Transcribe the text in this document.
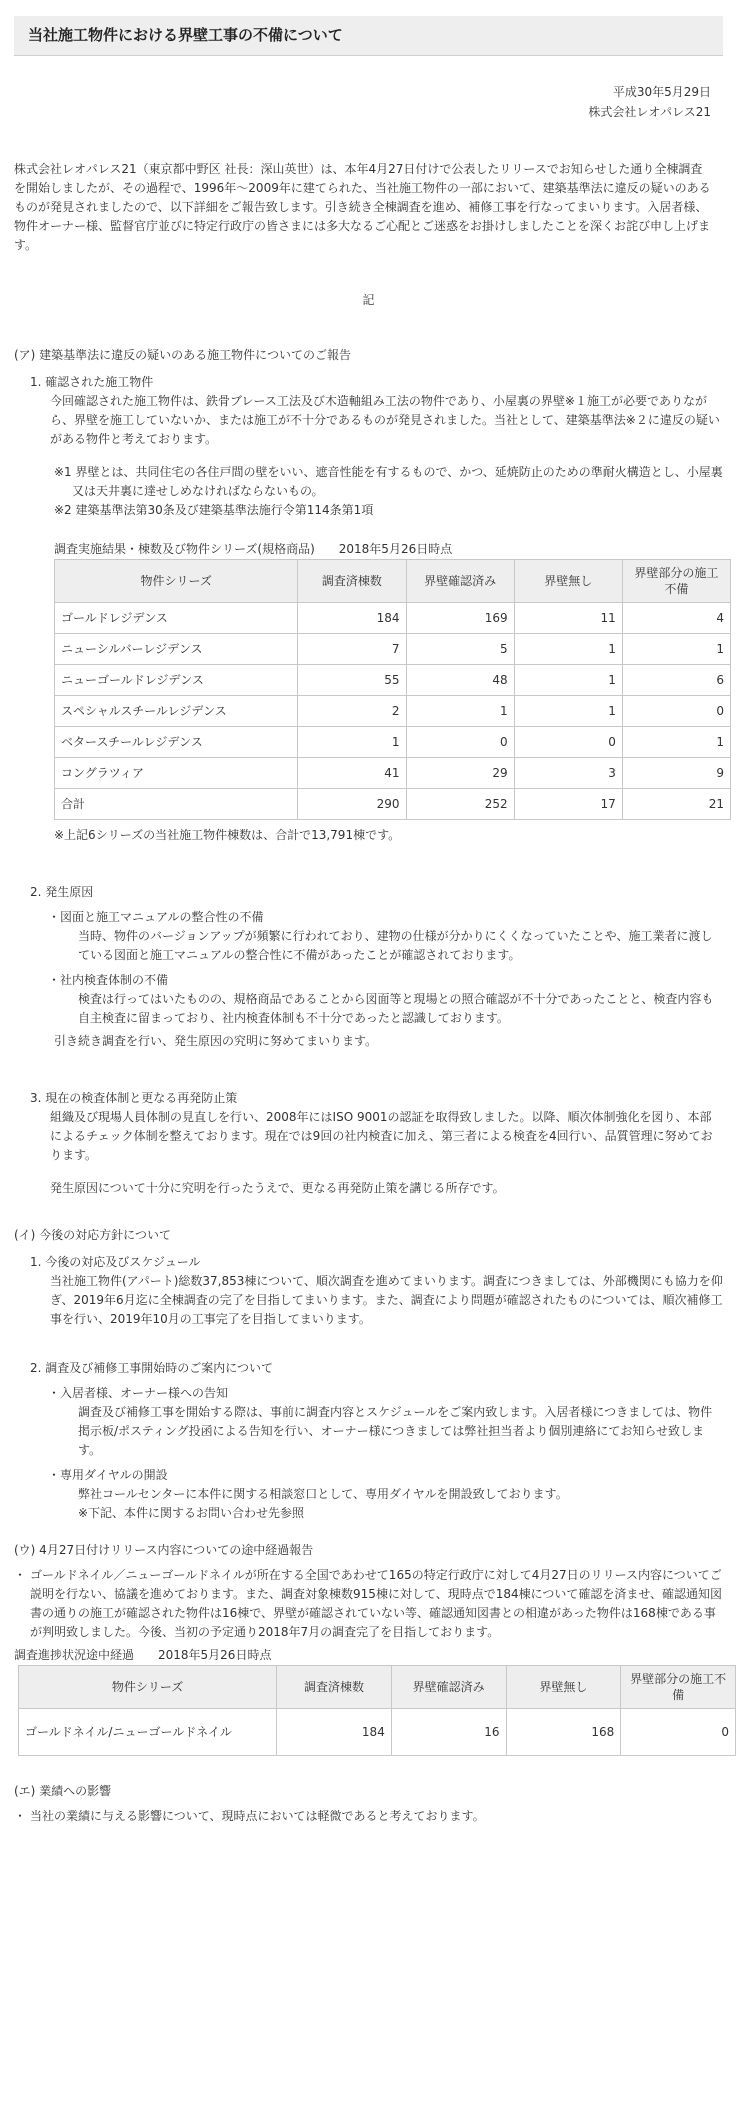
当社施工物件における界壁工事の不備について
平成30年5月29日
株式会社レオパレス21
株式会社レオパレス21（東京都中野区 社長：深山英世）は、本年4月27日付けで公表したリリースでお知らせした通り全棟調査を開始しましたが、その過程で、1996年～2009年に建てられた、当社施工物件の一部において、建築基準法に違反の疑いのあるものが発見されましたので、以下詳細をご報告致します。引き続き全棟調査を進め、補修工事を行なってまいります。入居者様、物件オーナー様、監督官庁並びに特定行政庁の皆さまには多大なるご心配とご迷惑をお掛けしましたことを深くお詫び申し上げます。
記
(ア) 建築基準法に違反の疑いのある施工物件についてのご報告
1. 確認された施工物件
今回確認された施工物件は、鉄骨ブレース工法及び木造軸組み工法の物件であり、小屋裏の界壁※１施工が必要でありながら、界壁を施工していないか、または施工が不十分であるものが発見されました。当社として、建築基準法※２に違反の疑いがある物件と考えております。
※1 界壁とは、共同住宅の各住戸間の壁をいい、遮音性能を有するもので、かつ、延焼防止のための準耐火構造とし、小屋裏又は天井裏に達せしめなければならないもの。
※2 建築基準法第30条及び建築基準法施行令第114条第1項
調査実施結果・棟数及び物件シリーズ(規格商品)　　2018年5月26日時点
物件シリーズ	調査済棟数	界壁確認済み	界壁無し	界壁部分の施工不備
ゴールドレジデンス	184	169	11	4
ニューシルバーレジデンス	7	5	1	1
ニューゴールドレジデンス	55	48	1	6
スペシャルスチールレジデンス	2	1	1	0
ベタースチールレジデンス	1	0	0	1
コングラツィア	41	29	3	9
合計	290	252	17	21
※上記6シリーズの当社施工物件棟数は、合計で13,791棟です。
2. 発生原因
・ 図面と施工マニュアルの整合性の不備
当時、物件のバージョンアップが頻繁に行われており、建物の仕様が分かりにくくなっていたことや、施工業者に渡している図面と施工マニュアルの整合性に不備があったことが確認されております。
・ 社内検査体制の不備
検査は行ってはいたものの、規格商品であることから図面等と現場との照合確認が不十分であったことと、検査内容も自主検査に留まっており、社内検査体制も不十分であったと認識しております。
引き続き調査を行い、発生原因の究明に努めてまいります。
3. 現在の検査体制と更なる再発防止策
組織及び現場人員体制の見直しを行い、2008年にはISO 9001の認証を取得致しました。以降、順次体制強化を図り、本部によるチェック体制を整えております。現在では9回の社内検査に加え、第三者による検査を4回行い、品質管理に努めております。
発生原因について十分に究明を行ったうえで、更なる再発防止策を講じる所存です。
(イ) 今後の対応方針について
1. 今後の対応及びスケジュール
当社施工物件(アパート)総数37,853棟について、順次調査を進めてまいります。調査につきましては、外部機関にも協力を仰ぎ、2019年6月迄に全棟調査の完了を目指してまいります。また、調査により問題が確認されたものについては、順次補修工事を行い、2019年10月の工事完了を目指してまいります。
2. 調査及び補修工事開始時のご案内について
・ 入居者様、オーナー様への告知
調査及び補修工事を開始する際は、事前に調査内容とスケジュールをご案内致します。入居者様につきましては、物件掲示板/ポスティング投函による告知を行い、オーナー様につきましては弊社担当者より個別連絡にてお知らせ致します。
・ 専用ダイヤルの開設
弊社コールセンターに本件に関する相談窓口として、専用ダイヤルを開設致しております。
※下記、本件に関するお問い合わせ先参照
(ウ) 4月27日付けリリース内容についての途中経過報告
・ ゴールドネイル／ニューゴールドネイルが所在する全国であわせて165の特定行政庁に対して4月27日のリリース内容についてご説明を行ない、協議を進めております。また、調査対象棟数915棟に対して、現時点で184棟について確認を済ませ、確認通知図書の通りの施工が確認された物件は16棟で、界壁が確認されていない等、確認通知図書との相違があった物件は168棟である事が判明致しました。今後、当初の予定通り2018年7月の調査完了を目指しております。
調査進捗状況途中経過　　2018年5月26日時点
物件シリーズ	調査済棟数	界壁確認済み	界壁無し	界壁部分の施工不備
ゴールドネイル/ニューゴールドネイル	184	16	168	0
(エ) 業績への影響
・ 当社の業績に与える影響について、現時点においては軽微であると考えております。
